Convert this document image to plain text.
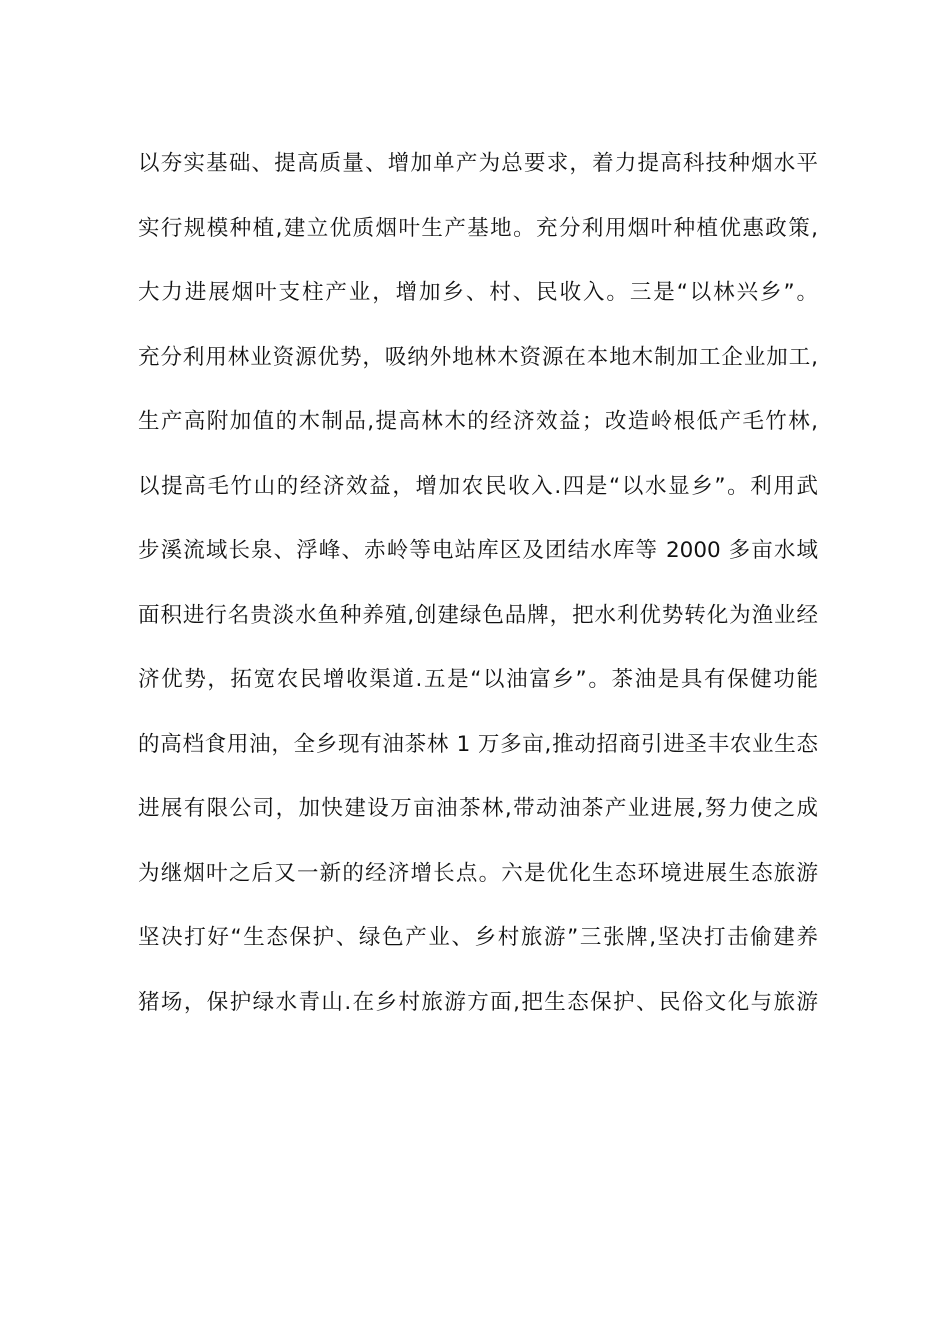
以夯实基础、提高质量、增加单产为总要求，着力提高科技种烟水平
实行规模种植,建立优质烟叶生产基地。充分利用烟叶种植优惠政策,
大力进展烟叶支柱产业，增加乡、村、民收入。三是“以林兴乡”。
充分利用林业资源优势，吸纳外地林木资源在本地木制加工企业加工,
生产高附加值的木制品,提高林木的经济效益；改造岭根低产毛竹林,
以提高毛竹山的经济效益，增加农民收入.四是“以水显乡”。利用武
步溪流域长泉、浮峰、赤岭等电站库区及团结水库等 2000 多亩水域
面积进行名贵淡水鱼种养殖,创建绿色品牌，把水利优势转化为渔业经
济优势，拓宽农民增收渠道.五是“以油富乡”。茶油是具有保健功能
的高档食用油，全乡现有油茶林 1 万多亩,推动招商引进圣丰农业生态
进展有限公司，加快建设万亩油茶林,带动油茶产业进展,努力使之成
为继烟叶之后又一新的经济增长点。六是优化生态环境进展生态旅游
坚决打好“生态保护、绿色产业、乡村旅游”三张牌,坚决打击偷建养
猪场，保护绿水青山.在乡村旅游方面,把生态保护、民俗文化与旅游
